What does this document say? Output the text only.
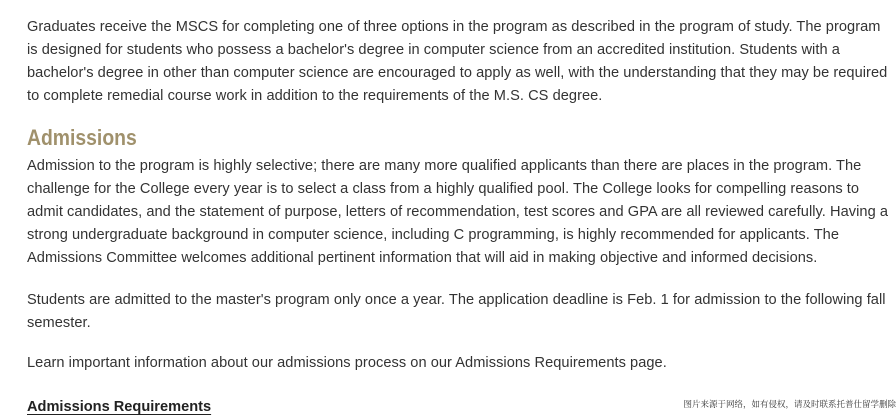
Graduates receive the MSCS for completing one of three options in the program as described in the program of study. The program is designed for students who possess a bachelor's degree in computer science from an accredited institution. Students with a bachelor's degree in other than computer science are encouraged to apply as well, with the understanding that they may be required to complete remedial course work in addition to the requirements of the M.S. CS degree.

Admissions

Admission to the program is highly selective; there are many more qualified applicants than there are places in the program. The challenge for the College every year is to select a class from a highly qualified pool. The College looks for compelling reasons to admit candidates, and the statement of purpose, letters of recommendation, test scores and GPA are all reviewed carefully. Having a strong undergraduate background in computer science, including C programming, is highly recommended for applicants. The Admissions Committee welcomes additional pertinent information that will aid in making objective and informed decisions.

Students are admitted to the master's program only once a year. The application deadline is Feb. 1 for admission to the following fall semester.

Learn important information about our admissions process on our Admissions Requirements page.

Admissions Requirements	图片来源于网络，如有侵权，请及时联系托普仕留学删除
